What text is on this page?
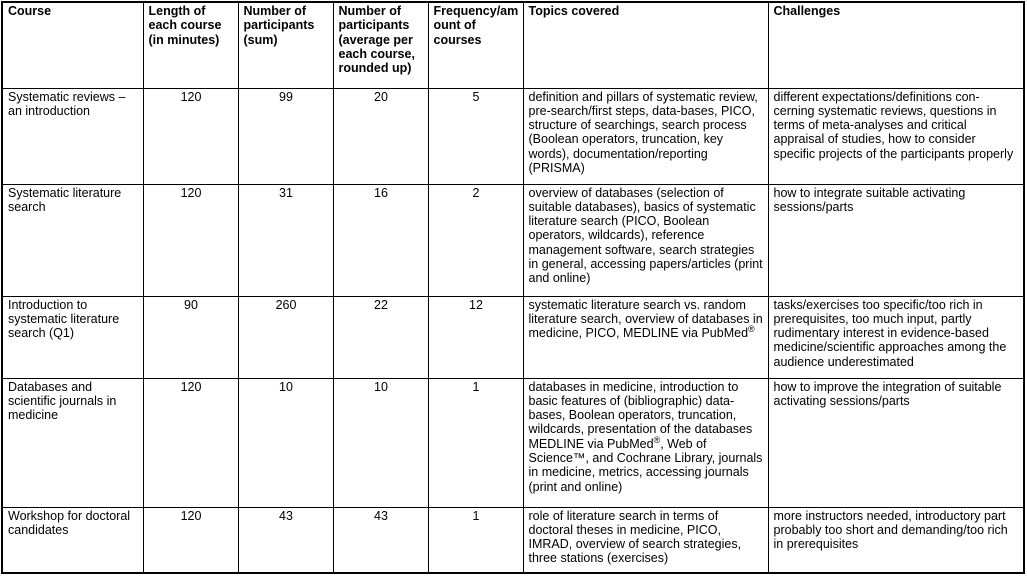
Course	Length of each course (in minutes)	Number of participants (sum)	Number of participants (average per each course, rounded up)	Frequency/amount of courses	Topics covered	Challenges
Systematic reviews – an introduction	120	99	20	5	definition and pillars of systematic review, pre-search/first steps, data-bases, PICO, structure of searchings, search process (Boolean operators, truncation, key words), documentation/reporting (PRISMA)	different expectations/definitions con-cerning systematic reviews, questions in terms of meta-analyses and critical appraisal of studies, how to consider specific projects of the participants properly
Systematic literature search	120	31	16	2	overview of databases (selection of suitable databases), basics of systematic literature search (PICO, Boolean operators, wildcards), reference management software, search strategies in general, accessing papers/articles (print and online)	how to integrate suitable activating sessions/parts
Introduction to systematic literature search (Q1)	90	260	22	12	systematic literature search vs. random literature search, overview of databases in medicine, PICO, MEDLINE via PubMed®	tasks/exercises too specific/too rich in prerequisites, too much input, partly rudimentary interest in evidence-based medicine/scientific approaches among the audience underestimated
Databases and scientific journals in medicine	120	10	10	1	databases in medicine, introduction to basic features of (bibliographic) data-bases, Boolean operators, truncation, wildcards, presentation of the databases MEDLINE via PubMed®, Web of Science™, and Cochrane Library, journals in medicine, metrics, accessing journals (print and online)	how to improve the integration of suitable activating sessions/parts
Workshop for doctoral candidates	120	43	43	1	role of literature search in terms of doctoral theses in medicine, PICO, IMRAD, overview of search strategies, three stations (exercises)	more instructors needed, introductory part probably too short and demanding/too rich in prerequisites
